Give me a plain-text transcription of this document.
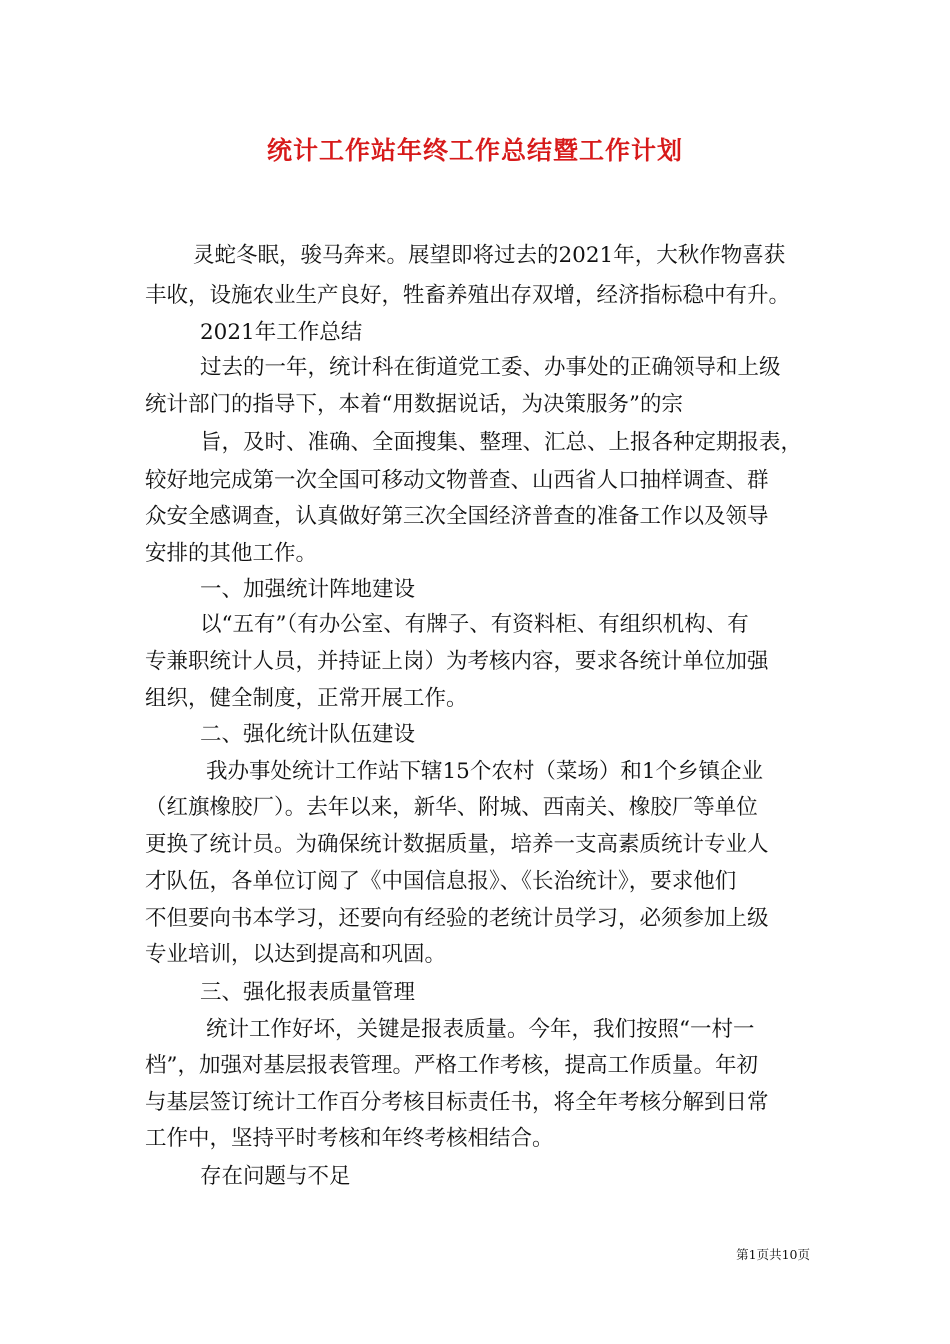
统计工作站年终工作总结暨工作计划
灵蛇冬眠，骏马奔来。展望即将过去的2021年，大秋作物喜获
丰收，设施农业生产良好，牲畜养殖出存双增，经济指标稳中有升。
2021年工作总结
过去的一年，统计科在街道党工委、办事处的正确领导和上级
统计部门的指导下，本着“用数据说话，为决策服务”的宗
旨，及时、准确、全面搜集、整理、汇总、上报各种定期报表，
较好地完成第一次全国可移动文物普查、山西省人口抽样调查、群
众安全感调查，认真做好第三次全国经济普查的准备工作以及领导
安排的其他工作。
一、加强统计阵地建设
以“五有”（有办公室、有牌子、有资料柜、有组织机构、有
专兼职统计人员，并持证上岗）为考核内容，要求各统计单位加强
组织，健全制度，正常开展工作。
二、强化统计队伍建设
我办事处统计工作站下辖15个农村（菜场）和1个乡镇企业
（红旗橡胶厂）。去年以来，新华、附城、西南关、橡胶厂等单位
更换了统计员。为确保统计数据质量，培养一支高素质统计专业人
才队伍，各单位订阅了《中国信息报》、《长治统计》，要求他们
不但要向书本学习，还要向有经验的老统计员学习，必须参加上级
专业培训，以达到提高和巩固。
三、强化报表质量管理
统计工作好坏，关键是报表质量。今年，我们按照“一村一
档”，加强对基层报表管理。严格工作考核，提高工作质量。年初
与基层签订统计工作百分考核目标责任书，将全年考核分解到日常
工作中，坚持平时考核和年终考核相结合。
存在问题与不足
第1页共10页
